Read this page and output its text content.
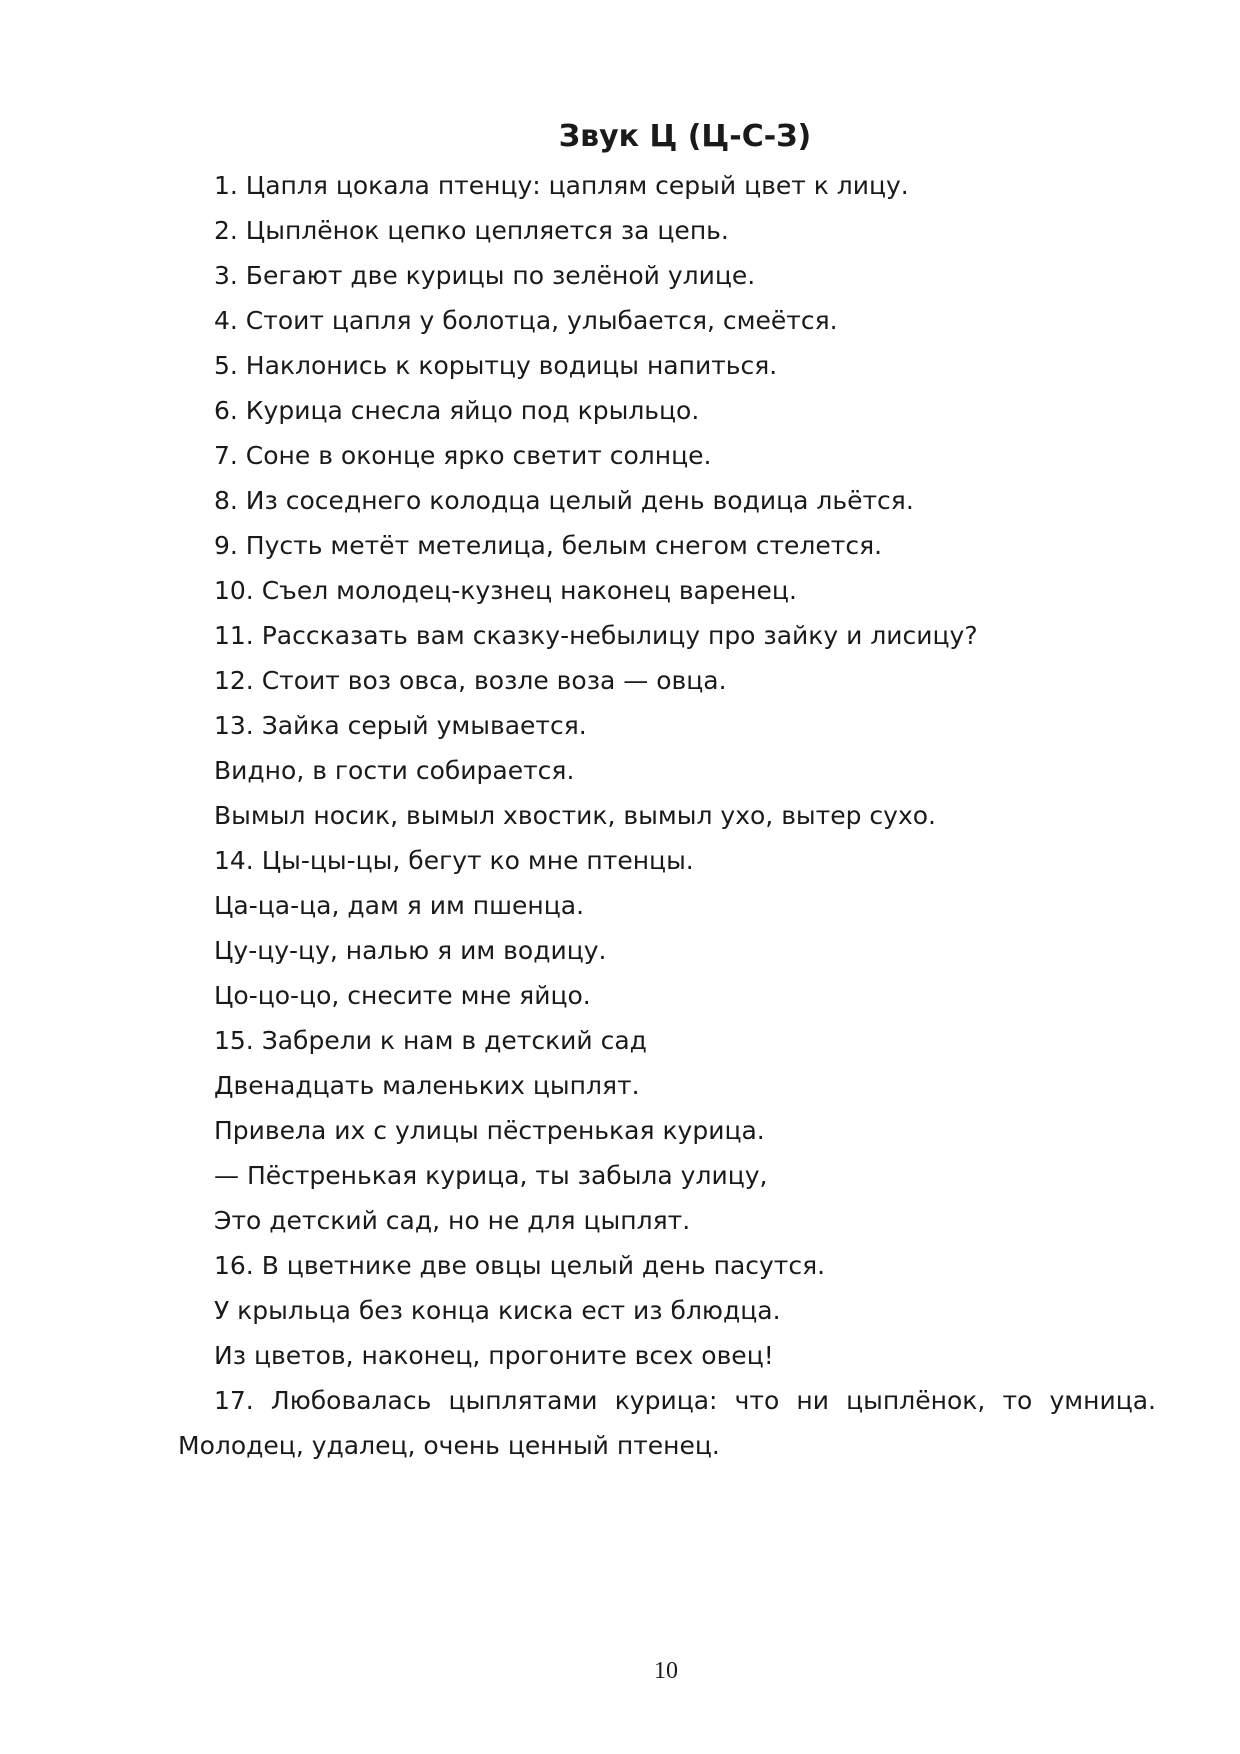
Звук Ц (Ц-С-З)
1. Цапля цокала птенцу: цаплям серый цвет к лицу.
2. Цыплёнок цепко цепляется за цепь.
3. Бегают две курицы по зелёной улице.
4. Стоит цапля у болотца, улыбается, смеётся.
5. Наклонись к корытцу водицы напиться.
6. Курица снесла яйцо под крыльцо.
7. Соне в оконце ярко светит солнце.
8. Из соседнего колодца целый день водица льётся.
9. Пусть метёт метелица, белым снегом стелется.
10. Съел молодец-кузнец наконец варенец.
11. Рассказать вам сказку-небылицу про зайку и лисицу?
12. Стоит воз овса, возле воза — овца.
13. Зайка серый умывается.
Видно, в гости собирается.
Вымыл носик, вымыл хвостик, вымыл ухо, вытер сухо.
14. Цы-цы-цы, бегут ко мне птенцы.
Ца-ца-ца, дам я им пшенца.
Цу-цу-цу, налью я им водицу.
Цо-цо-цо, снесите мне яйцо.
15. Забрели к нам в детский сад
Двенадцать маленьких цыплят.
Привела их с улицы пёстренькая курица.
— Пёстренькая курица, ты забыла улицу,
Это детский сад, но не для цыплят.
16. В цветнике две овцы целый день пасутся.
У крыльца без конца киска ест из блюдца.
Из цветов, наконец, прогоните всех овец!
17. Любовалась цыплятами курица: что ни цыплёнок, то умница.
Молодец, удалец, очень ценный птенец.
10
